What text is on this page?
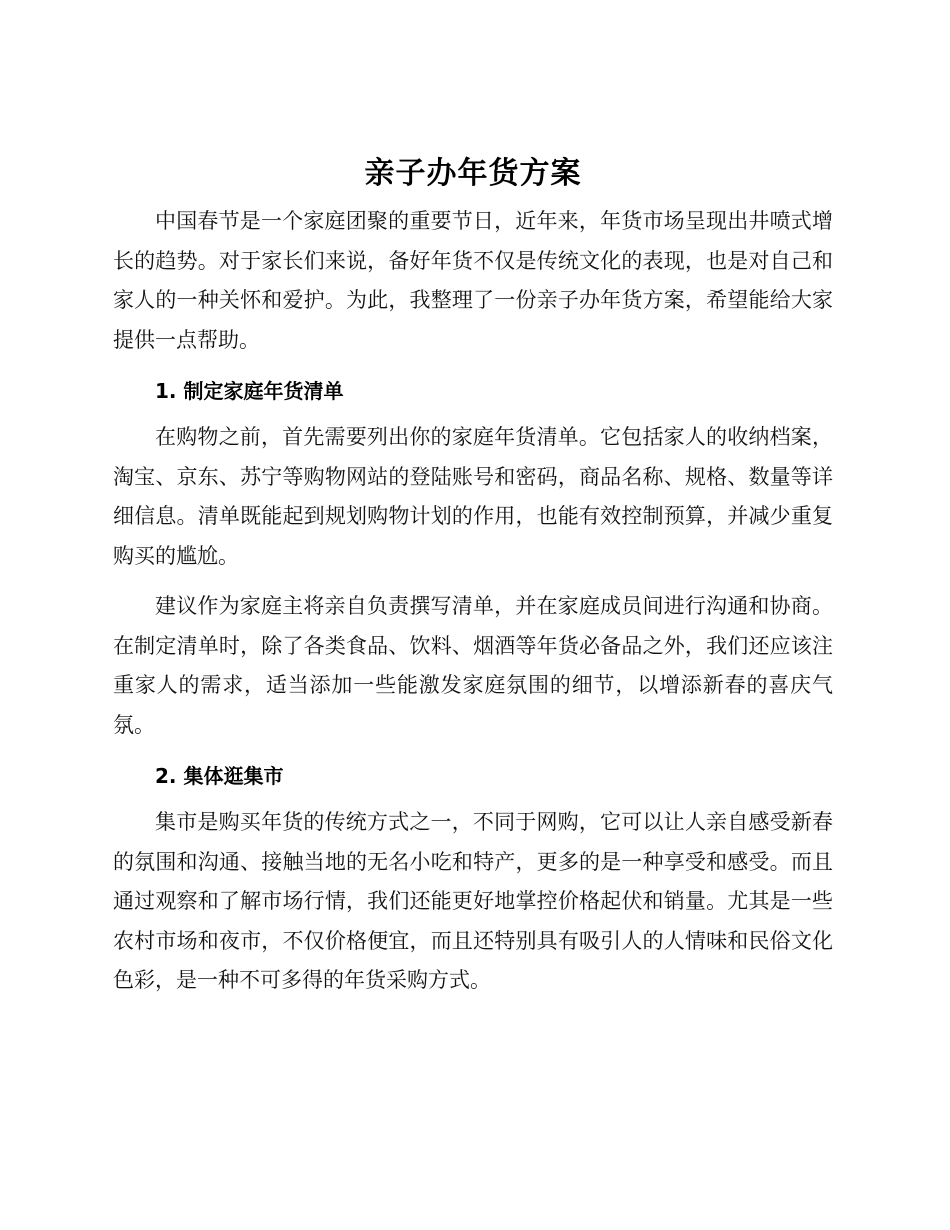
亲子办年货方案

中国春节是一个家庭团聚的重要节日，近年来，年货市场呈现出井喷式增长的趋势。对于家长们来说，备好年货不仅是传统文化的表现，也是对自己和家人的一种关怀和爱护。为此，我整理了一份亲子办年货方案，希望能给大家提供一点帮助。

1. 制定家庭年货清单

在购物之前，首先需要列出你的家庭年货清单。它包括家人的收纳档案，淘宝、京东、苏宁等购物网站的登陆账号和密码，商品名称、规格、数量等详细信息。清单既能起到规划购物计划的作用，也能有效控制预算，并减少重复购买的尴尬。

建议作为家庭主将亲自负责撰写清单，并在家庭成员间进行沟通和协商。在制定清单时，除了各类食品、饮料、烟酒等年货必备品之外，我们还应该注重家人的需求，适当添加一些能激发家庭氛围的细节，以增添新春的喜庆气氛。

2. 集体逛集市

集市是购买年货的传统方式之一，不同于网购，它可以让人亲自感受新春的氛围和沟通、接触当地的无名小吃和特产，更多的是一种享受和感受。而且通过观察和了解市场行情，我们还能更好地掌控价格起伏和销量。尤其是一些农村市场和夜市，不仅价格便宜，而且还特别具有吸引人的人情味和民俗文化色彩，是一种不可多得的年货采购方式。
